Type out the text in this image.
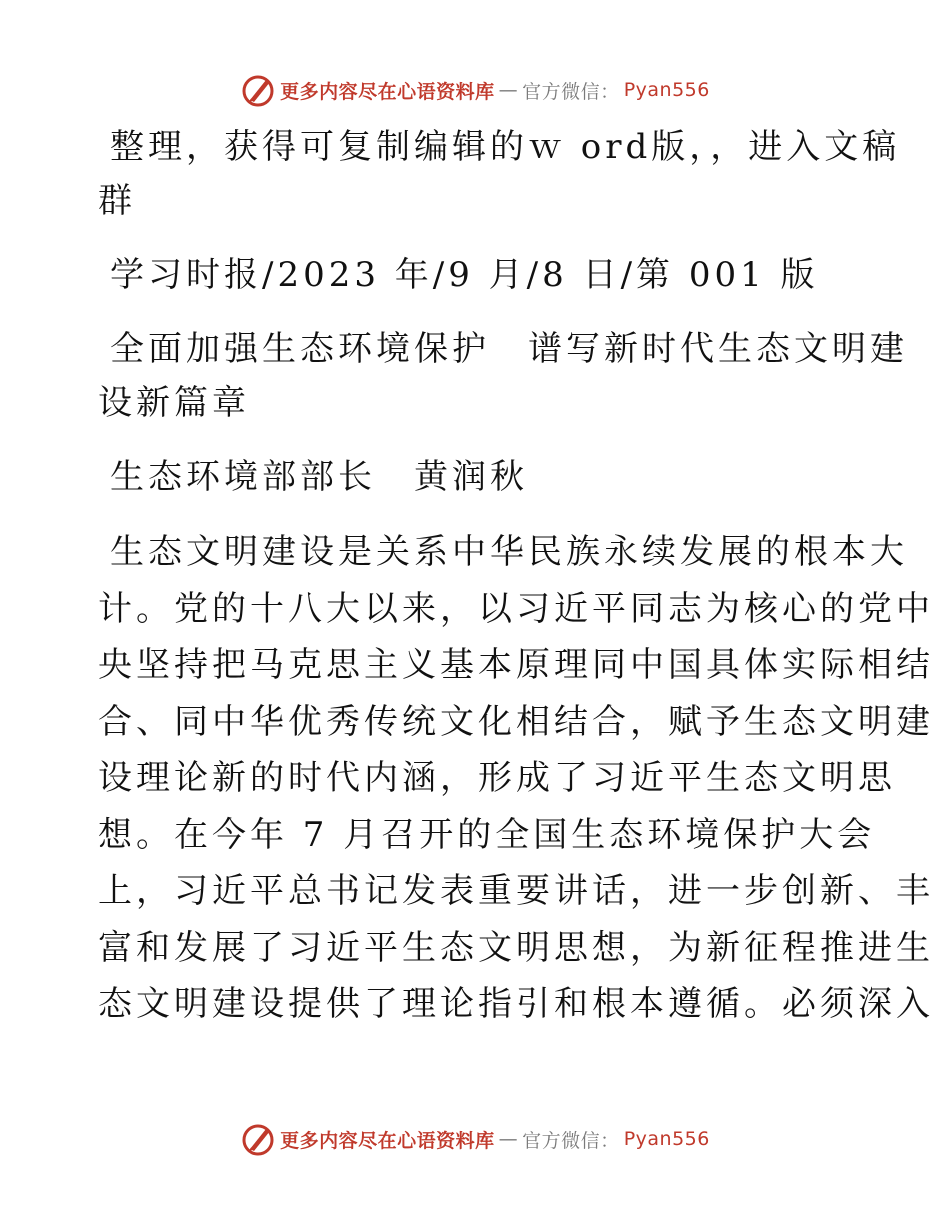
更多内容尽在心语资料库 — 官方微信： Pyan556
整理，获得可复制编辑的ｗ ord版，，进入文稿
群
学习时报/2023 年/9 月/8 日/第 001 版
全面加强生态环境保护　谱写新时代生态文明建
设新篇章
生态环境部部长　黄润秋
生态文明建设是关系中华民族永续发展的根本大
计。党的十八大以来，以习近平同志为核心的党中
央坚持把马克思主义基本原理同中国具体实际相结
合、同中华优秀传统文化相结合，赋予生态文明建
设理论新的时代内涵，形成了习近平生态文明思
想。在今年 7 月召开的全国生态环境保护大会
上，习近平总书记发表重要讲话，进一步创新、丰
富和发展了习近平生态文明思想，为新征程推进生
态文明建设提供了理论指引和根本遵循。必须深入
更多内容尽在心语资料库 — 官方微信： Pyan556
